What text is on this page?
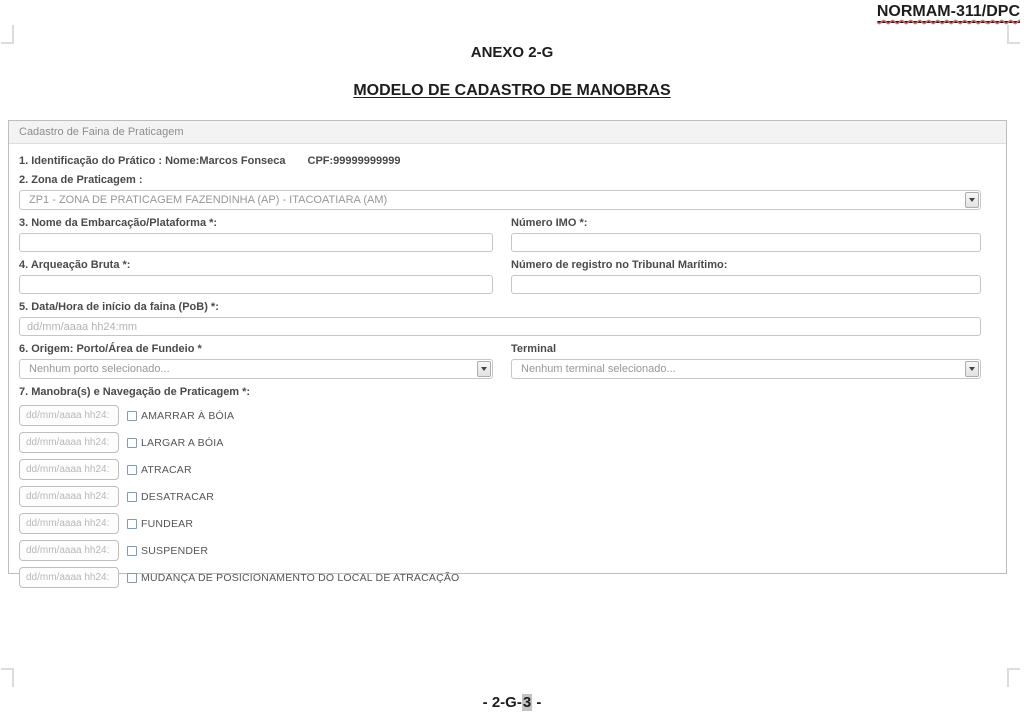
NORMAM-311/DPC
ANEXO 2-G
MODELO DE CADASTRO DE MANOBRAS
Cadastro de Faina de Praticagem
1. Identificação do Prático : Nome:Marcos Fonseca CPF:99999999999
2. Zona de Praticagem :
ZP1 - ZONA DE PRATICAGEM FAZENDINHA (AP) - ITACOATIARA (AM)
3. Nome da Embarcação/Plataforma *:	Número IMO *:
4. Arqueação Bruta *:	Número de registro no Tribunal Marítimo:
5. Data/Hora de início da faina (PoB) *:
dd/mm/aaaa hh24:mm
6. Origem: Porto/Área de Fundeio *	Terminal
Nenhum porto selecionado...	Nenhum terminal selecionado...
7. Manobra(s) e Navegação de Praticagem *:
dd/mm/aaaa hh24:
AMARRAR À BÓIA
dd/mm/aaaa hh24:
LARGAR A BÓIA
dd/mm/aaaa hh24:
ATRACAR
dd/mm/aaaa hh24:
DESATRACAR
dd/mm/aaaa hh24:
FUNDEAR
dd/mm/aaaa hh24:
SUSPENDER
dd/mm/aaaa hh24:
MUDANÇA DE POSICIONAMENTO DO LOCAL DE ATRACAÇÃO
- 2-G-3 -
